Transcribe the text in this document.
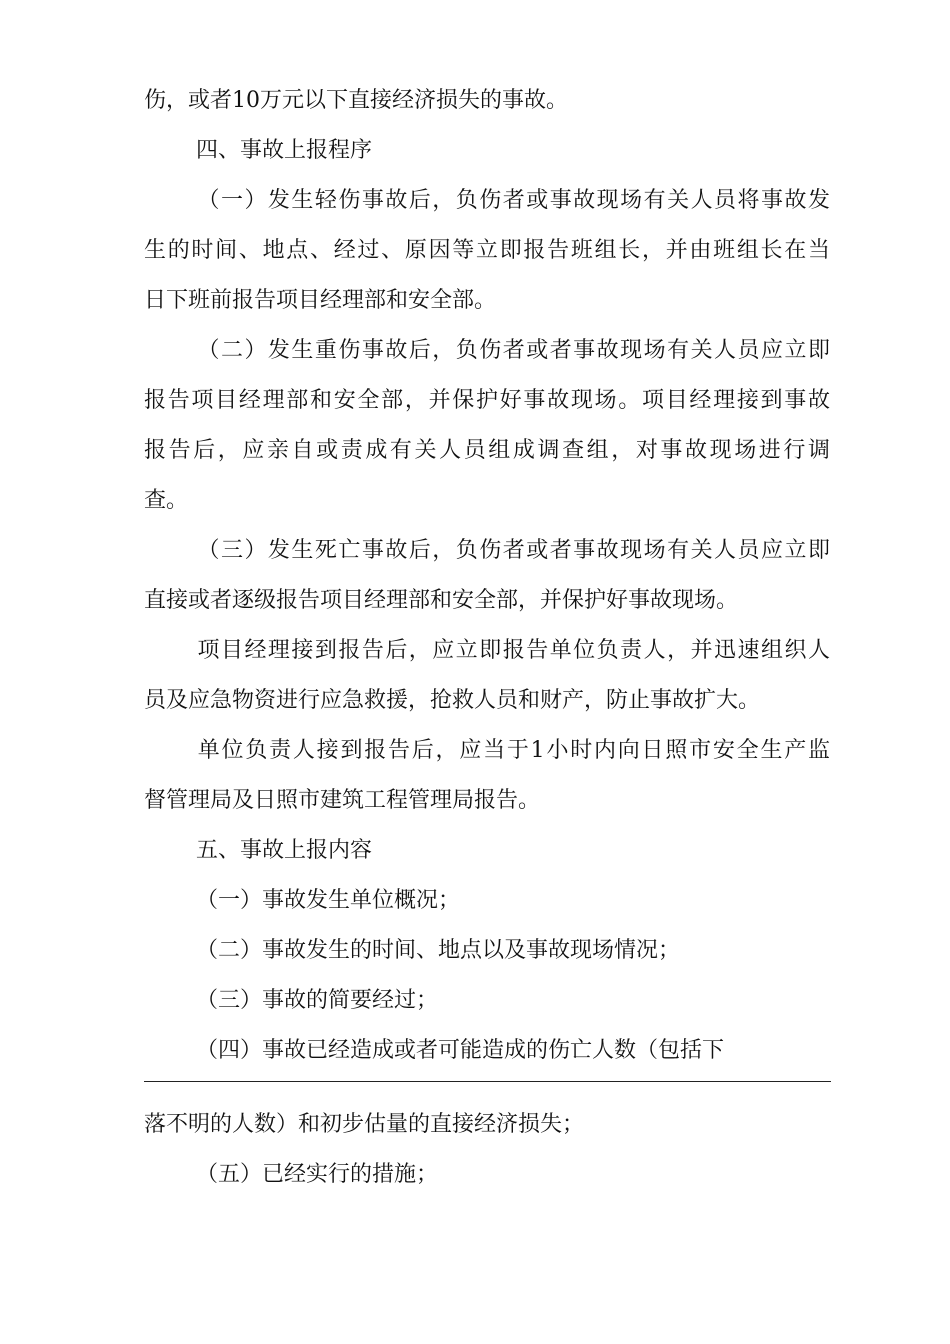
伤，或者10万元以下直接经济损失的事故。
四、事故上报程序
（一）发生轻伤事故后，负伤者或事故现场有关人员将事故发
生的时间、地点、经过、原因等立即报告班组长，并由班组长在当
日下班前报告项目经理部和安全部。
（二）发生重伤事故后，负伤者或者事故现场有关人员应立即
报告项目经理部和安全部，并保护好事故现场。项目经理接到事故
报告后，应亲自或责成有关人员组成调查组，对事故现场进行调
查。
（三）发生死亡事故后，负伤者或者事故现场有关人员应立即
直接或者逐级报告项目经理部和安全部，并保护好事故现场。
项目经理接到报告后，应立即报告单位负责人，并迅速组织人
员及应急物资进行应急救援，抢救人员和财产，防止事故扩大。
单位负责人接到报告后，应当于1小时内向日照市安全生产监
督管理局及日照市建筑工程管理局报告。
五、事故上报内容
（一）事故发生单位概况；
（二）事故发生的时间、地点以及事故现场情况；
（三）事故的简要经过；
（四）事故已经造成或者可能造成的伤亡人数（包括下
落不明的人数）和初步估量的直接经济损失；
（五）已经实行的措施；
